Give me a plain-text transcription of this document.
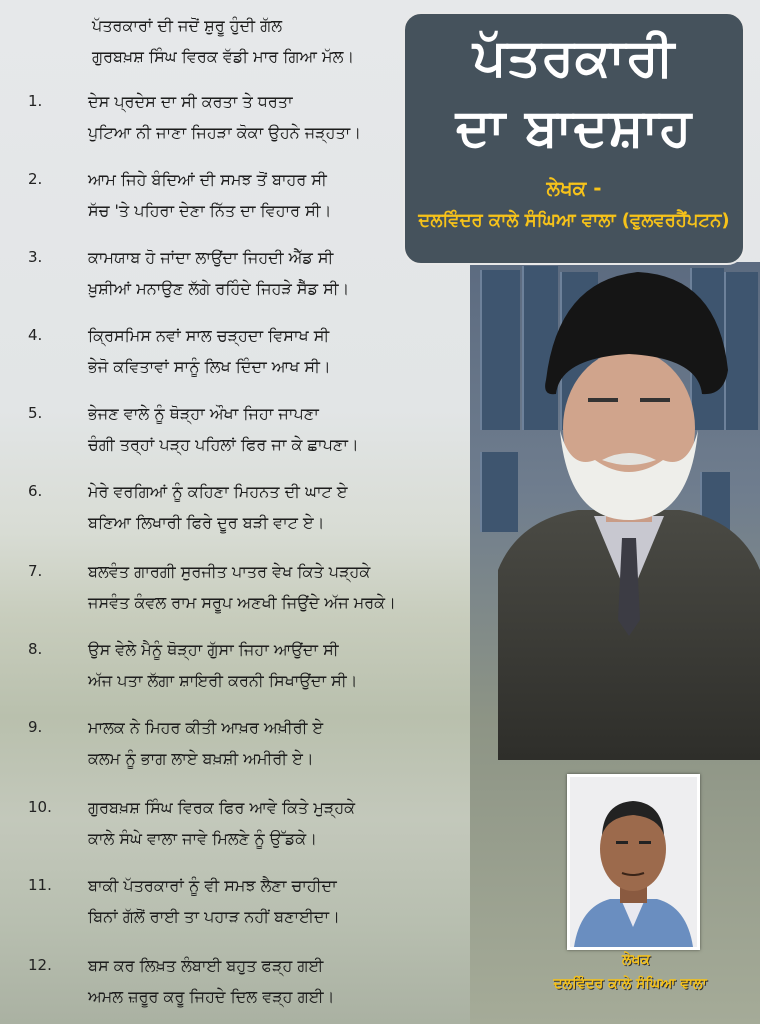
ਪੱਤਰਕਾਰਾਂ ਦੀ ਜਦੋਂ ਸ਼ੁਰੂ ਹੁੰਦੀ ਗੱਲ
ਗੁਰਬਖ਼ਸ਼ ਸਿੰਘ ਵਿਰਕ ਵੱਡੀ ਮਾਰ ਗਿਆ ਮੱਲ।
1.	ਦੇਸ ਪ੍ਰਦੇਸ ਦਾ ਸੀ ਕਰਤਾ ਤੇ ਧਰਤਾ
ਪੁਟਿਆ ਨੀ ਜਾਣਾ ਜਿਹੜਾ ਕੋਕਾ ਉਹਨੇ ਜੜ੍ਹਤਾ।
2.	ਆਮ ਜਿਹੇ ਬੰਦਿਆਂ ਦੀ ਸਮਝ ਤੋਂ ਬਾਹਰ ਸੀ
ਸੱਚ 'ਤੇ ਪਹਿਰਾ ਦੇਣਾ ਨਿੱਤ ਦਾ ਵਿਹਾਰ ਸੀ।
3.	ਕਾਮਯਾਬ ਹੋ ਜਾਂਦਾ ਲਾਉਂਦਾ ਜਿਹਦੀ ਐੱਡ ਸੀ
ਖ਼ੁਸ਼ੀਆਂ ਮਨਾਉਣ ਲੱਗੇ ਰਹਿੰਦੇ ਜਿਹੜੇ ਸੈੱਡ ਸੀ।
4.	ਕ੍ਰਿਸਮਿਸ ਨਵਾਂ ਸਾਲ ਚੜ੍ਹਦਾ ਵਿਸਾਖ ਸੀ
ਭੇਜੋ ਕਵਿਤਾਵਾਂ ਸਾਨੂੰ ਲਿਖ ਦਿੰਦਾ ਆਖ ਸੀ।
5.	ਭੇਜਣ ਵਾਲੇ ਨੂੰ ਥੋੜ੍ਹਾ ਔਖਾ ਜਿਹਾ ਜਾਪਣਾ
ਚੰਗੀ ਤਰ੍ਹਾਂ ਪੜ੍ਹ ਪਹਿਲਾਂ ਫਿਰ ਜਾ ਕੇ ਛਾਪਣਾ।
6.	ਮੇਰੇ ਵਰਗਿਆਂ ਨੂੰ ਕਹਿਣਾ ਮਿਹਨਤ ਦੀ ਘਾਟ ਏ
ਬਣਿਆ ਲਿਖਾਰੀ ਫਿਰੇ ਦੂਰ ਬੜੀ ਵਾਟ ਏ।
7.	ਬਲਵੰਤ ਗਾਰਗੀ ਸੁਰਜੀਤ ਪਾਤਰ ਵੇਖ ਕਿਤੇ ਪੜ੍ਹਕੇ
ਜਸਵੰਤ ਕੰਵਲ ਰਾਮ ਸਰੂਪ ਅਣਖੀ ਜਿਉਂਦੇ ਅੱਜ ਮਰਕੇ।
8.	ਉਸ ਵੇਲੇ ਮੈਨੂੰ ਥੋੜ੍ਹਾ ਗੁੱਸਾ ਜਿਹਾ ਆਉਂਦਾ ਸੀ
ਅੱਜ ਪਤਾ ਲੱਗਾ ਸ਼ਾਇਰੀ ਕਰਨੀ ਸਿਖਾਉਂਦਾ ਸੀ।
9.	ਮਾਲਕ ਨੇ ਮਿਹਰ ਕੀਤੀ ਆਖ਼ਰ ਅਖ਼ੀਰੀ ਏ
ਕਲਮ ਨੂੰ ਭਾਗ ਲਾਏ ਬਖ਼ਸ਼ੀ ਅਮੀਰੀ ਏ।
10.	ਗੁਰਬਖ਼ਸ਼ ਸਿੰਘ ਵਿਰਕ ਫਿਰ ਆਵੇ ਕਿਤੇ ਮੁੜ੍ਹਕੇ
ਕਾਲੇ ਸੰਘੇ ਵਾਲਾ ਜਾਵੇ ਮਿਲਣੇ ਨੂੰ ਉੱਡਕੇ।
11.	ਬਾਕੀ ਪੱਤਰਕਾਰਾਂ ਨੂੰ ਵੀ ਸਮਝ ਲੈਣਾ ਚਾਹੀਦਾ
ਬਿਨਾਂ ਗੱਲੋਂ ਰਾਈ ਤਾ ਪਹਾੜ ਨਹੀਂ ਬਣਾਈਦਾ।
12.	ਬਸ ਕਰ ਲਿਖ਼ਤ ਲੰਬਾਈ ਬਹੁਤ ਫੜ੍ਹ ਗਈ
ਅਮਲ ਜ਼ਰੂਰ ਕਰੂ ਜਿਹਦੇ ਦਿਲ ਵੜ੍ਹ ਗਈ।
ਪੱਤਰਕਾਰੀ
ਦਾ ਬਾਦਸ਼ਾਹ
ਲੇਖਕ -
ਦਲਵਿੰਦਰ ਕਾਲੇ ਸੰਘਿਆ ਵਾਲਾ (ਵੁਲਵਰਹੈਂਪਟਨ)
ਲੇਖਕ
ਦਲਵਿੰਦਰ ਕਾਲੇ ਸੰਘਿਆ ਵਾਲਾ
